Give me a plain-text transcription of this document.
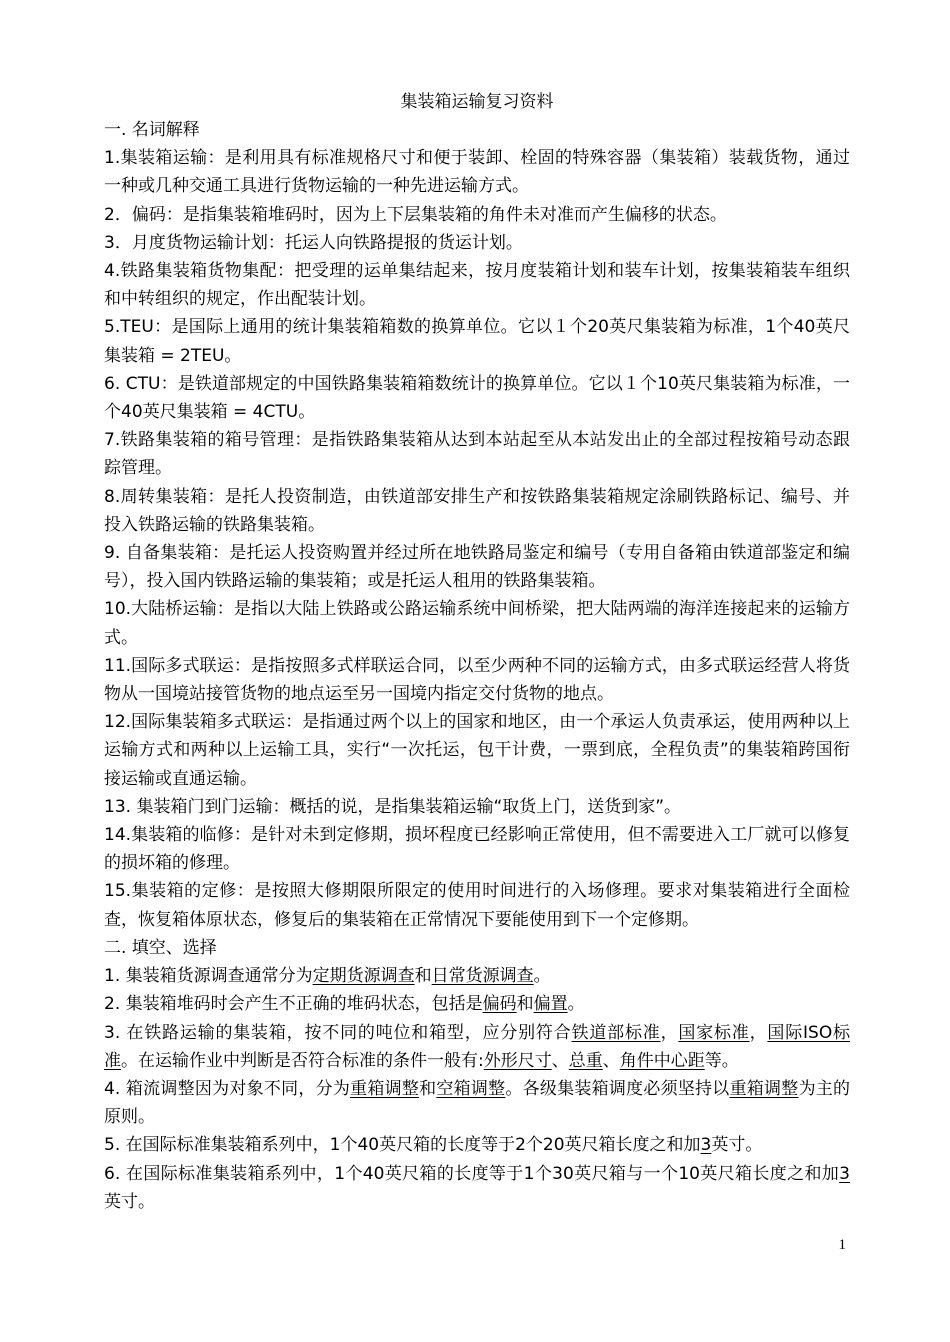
集装箱运输复习资料

一. 名词解释

1.集装箱运输：是利用具有标准规格尺寸和便于装卸、栓固的特殊容器（集装箱）装载货物，通过一种或几种交通工具进行货物运输的一种先进运输方式。

2．偏码：是指集装箱堆码时，因为上下层集装箱的角件未对准而产生偏移的状态。

3．月度货物运输计划：托运人向铁路提报的货运计划。

4.铁路集装箱货物集配：把受理的运单集结起来，按月度装箱计划和装车计划，按集装箱装车组织和中转组织的规定，作出配装计划。

5.TEU：是国际上通用的统计集装箱箱数的换算单位。它以１个20英尺集装箱为标准，1个40英尺集装箱 = 2TEU。

6. CTU：是铁道部规定的中国铁路集装箱箱数统计的换算单位。它以１个10英尺集装箱为标准，一个40英尺集装箱 = 4CTU。

7.铁路集装箱的箱号管理：是指铁路集装箱从达到本站起至从本站发出止的全部过程按箱号动态跟踪管理。

8.周转集装箱：是托人投资制造，由铁道部安排生产和按铁路集装箱规定涂刷铁路标记、编号、并投入铁路运输的铁路集装箱。

9. 自备集装箱：是托运人投资购置并经过所在地铁路局鉴定和编号（专用自备箱由铁道部鉴定和编号），投入国内铁路运输的集装箱；或是托运人租用的铁路集装箱。

10.大陆桥运输：是指以大陆上铁路或公路运输系统中间桥梁，把大陆两端的海洋连接起来的运输方式。

11.国际多式联运：是指按照多式样联运合同，以至少两种不同的运输方式，由多式联运经营人将货物从一国境站接管货物的地点运至另一国境内指定交付货物的地点。

12.国际集装箱多式联运：是指通过两个以上的国家和地区，由一个承运人负责承运，使用两种以上运输方式和两种以上运输工具，实行“一次托运，包干计费，一票到底，全程负责”的集装箱跨国衔接运输或直通运输。

13. 集装箱门到门运输：概括的说，是指集装箱运输“取货上门，送货到家”。

14.集装箱的临修：是针对未到定修期，损坏程度已经影响正常使用，但不需要进入工厂就可以修复的损坏箱的修理。

15.集装箱的定修：是按照大修期限所限定的使用时间进行的入场修理。要求对集装箱进行全面检查，恢复箱体原状态，修复后的集装箱在正常情况下要能使用到下一个定修期。

二. 填空、选择

1. 集装箱货源调查通常分为定期货源调查和日常货源调查。

2. 集装箱堆码时会产生不正确的堆码状态，包括是偏码和偏置。

3. 在铁路运输的集装箱，按不同的吨位和箱型，应分别符合铁道部标准，国家标准，国际ISO标准。在运输作业中判断是否符合标准的条件一般有:外形尺寸、总重、角件中心距等。

4. 箱流调整因为对象不同，分为重箱调整和空箱调整。各级集装箱调度必须坚持以重箱调整为主的原则。

5. 在国际标准集装箱系列中，1个40英尺箱的长度等于2个20英尺箱长度之和加3英寸。

6. 在国际标准集装箱系列中，1个40英尺箱的长度等于1个30英尺箱与一个10英尺箱长度之和加3英寸。

1
